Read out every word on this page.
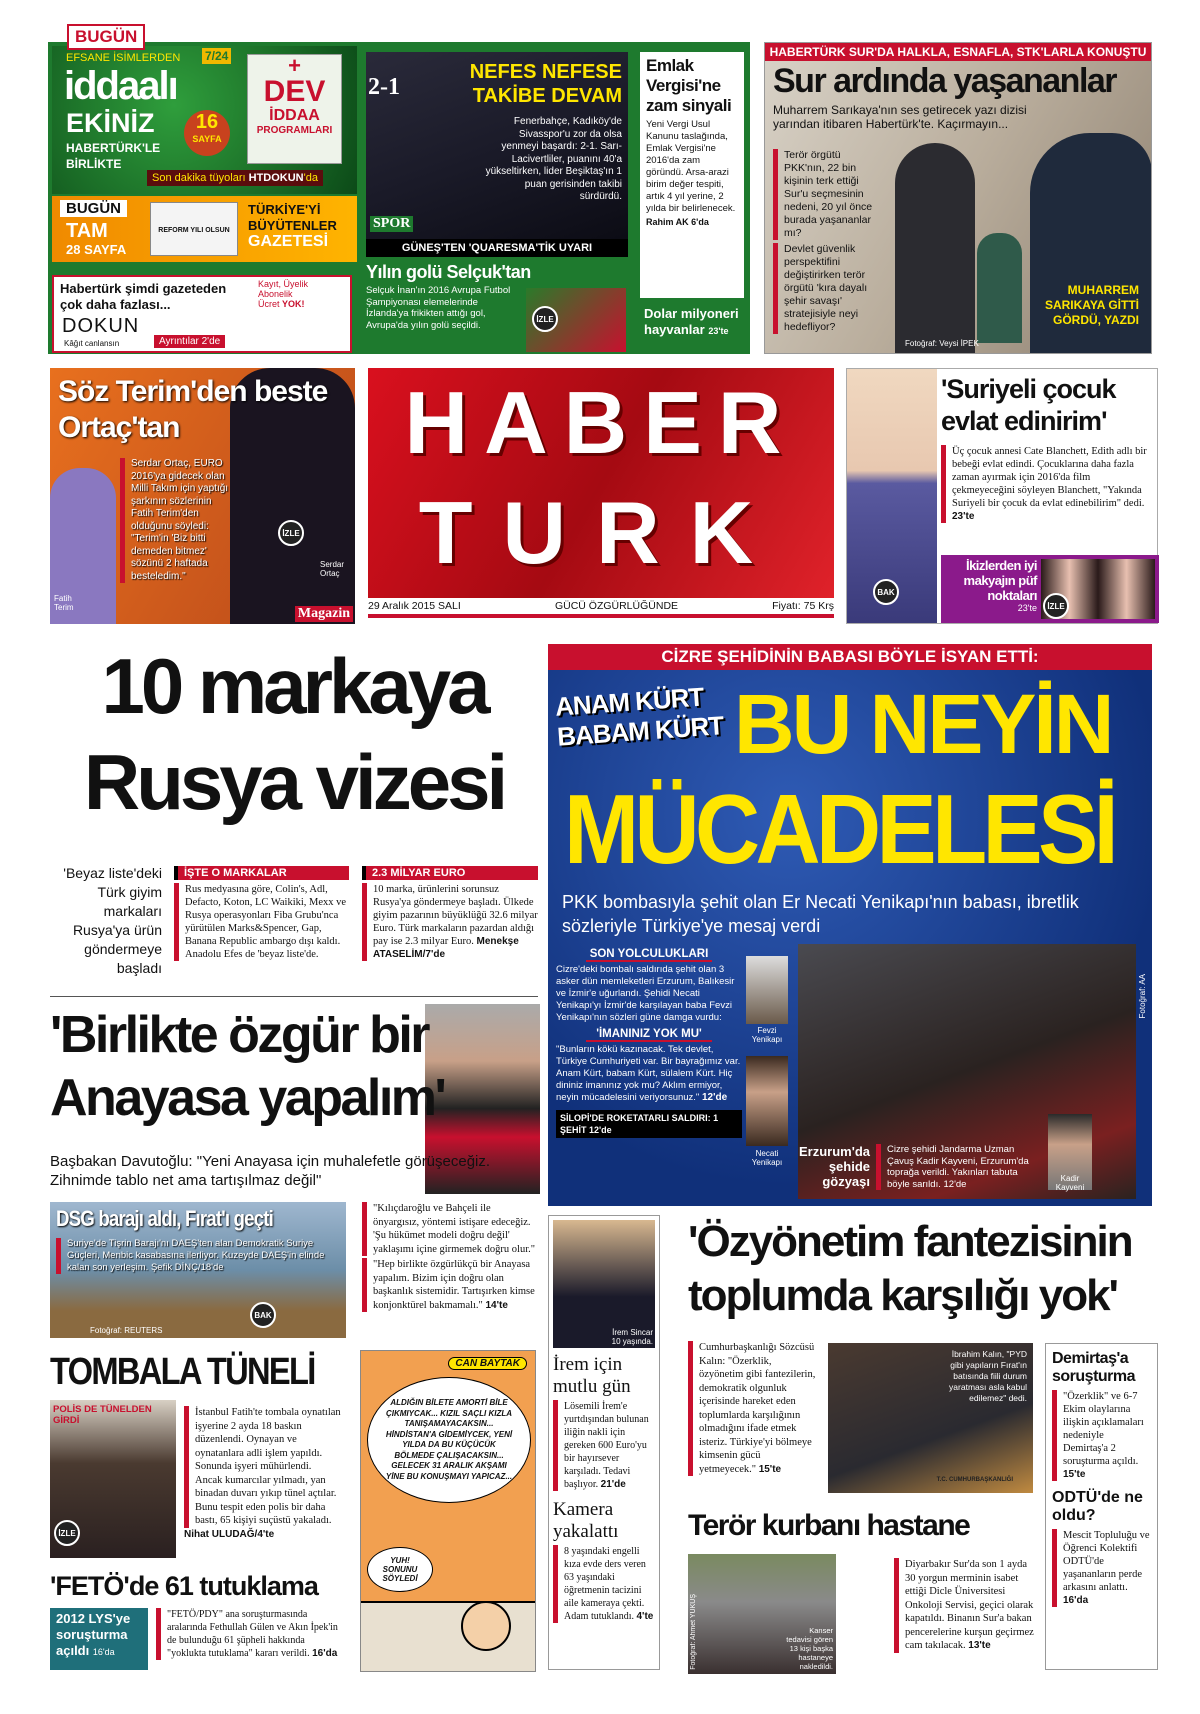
BUGÜN
EFSANE İSİMLERDEN
iddaalı
7/24
EKİNİZ	16
SAYFA
HABERTÜRK'LE BİRLİKTE
+
DEV
İDDAA
PROGRAMLARI
Son dakika tüyoları HTDOKUN'da
BUGÜN
TAM
28 SAYFA
REFORM YILI OLSUN
TÜRKİYE'Yİ
BÜYÜTENLER
GAZETESİ
Habertürk şimdi gazeteden
çok daha fazlası...
Kayıt, Üyelik
Abonelik
Ücret YOK!
DOKUN
Kâğıt canlansın	Ayrıntılar 2'de
2-1
NEFES NEFESE
TAKİBE DEVAM
Fenerbahçe, Kadıköy'de Sivasspor'u zor da olsa yenmeyi başardı: 2-1. Sarı- Lacivertliler, puanını 40'a yükseltirken, lider Beşiktaş'ın 1 puan gerisinden takibi sürdürdü.
SPOR
GÜNEŞ'TEN 'QUARESMA'TİK UYARI
Yılın golü Selçuk'tan
Selçuk İnan'ın 2016 Avrupa Futbol Şampiyonası elemelerinde İzlanda'ya frikikten attığı gol, Avrupa'da yılın golü seçildi.
İZLE
Emlak Vergisi'ne zam sinyali
Yeni Vergi Usul Kanunu taslağında, Emlak Vergisi'ne 2016'da zam göründü. Arsa-arazi birim değer tespiti, artık 4 yıl yerine, 2 yılda bir belirlenecek.
Rahim AK 6'da
Dolar milyoneri hayvanlar 23'te
HABERTÜRK SUR'DA HALKLA, ESNAFLA, STK'LARLA KONUŞTU
Sur ardında yaşananlar
Muharrem Sarıkaya'nın ses getirecek yazı dizisi yarından itibaren Habertürk'te. Kaçırmayın...
Terör örgütü PKK'nın, 22 bin kişinin terk ettiği Sur'u seçmesinin nedeni, 20 yıl önce burada yaşananlar mı?
Devlet güvenlik perspektifini değiştirirken terör örgütü 'kıra dayalı şehir savaşı' stratejisiyle neyi hedefliyor?
Fotoğraf: Veysi İPEK
MUHARREM SARIKAYA GİTTİ GÖRDÜ, YAZDI
Söz Terim'den beste Ortaç'tan
Serdar Ortaç, EURO 2016'ya gidecek olan Milli Takım için yaptığı şarkının sözlerinin Fatih Terim'den olduğunu söyledi: "Terim'in 'Biz bitti demeden bitmez' sözünü 2 haftada besteledim."
Fatih Terim
Serdar Ortaç
İZLE
Magazin
HABER
TURK
29 Aralık 2015 SALI	GÜCÜ ÖZGÜRLÜĞÜNDE	Fiyatı: 75 Krş
'Suriyeli çocuk evlat edinirim'
Üç çocuk annesi Cate Blanchett, Edith adlı bir bebeği evlat edindi. Çocuklarına daha fazla zaman ayırmak için 2016'da film çekmeyeceğini söyleyen Blanchett, "Yakında Suriyeli bir çocuk da evlat edinebilirim" dedi. 23'te
BAK
İkizlerden iyi makyajın püf noktaları
23'te	İZLE
10 markaya
Rusya vizesi
'Beyaz liste'deki Türk giyim markaları Rusya'ya ürün göndermeye başladı
İŞTE O MARKALAR
Rus medyasına göre, Colin's, Adl, Defacto, Koton, LC Waikiki, Mexx ve Rusya operasyonları Fiba Grubu'nca yürütülen Marks&Spencer, Gap, Banana Republic ambargo dışı kaldı. Anadolu Efes de 'beyaz liste'de.
2.3 MİLYAR EURO
10 marka, ürünlerini sorunsuz Rusya'ya göndermeye başladı. Ülkede giyim pazarının büyüklüğü 32.6 milyar Euro. Türk markaların pazardan aldığı pay ise 2.3 milyar Euro. Menekşe ATASELİM/7'de
CİZRE ŞEHİDİNİN BABASI BÖYLE İSYAN ETTİ:
ANAM KÜRT
BABAM KÜRT BU NEYİN
MÜCADELESİ
PKK bombasıyla şehit olan Er Necati Yenikapı'nın babası, ibretlik sözleriyle Türkiye'ye mesaj verdi
SON YOLCULUKLARI
Cizre'deki bombalı saldırıda şehit olan 3 asker dün memleketleri Erzurum, Balıkesir ve İzmir'e uğurlandı. Şehidi Necati Yenikapı'yı İzmir'de karşılayan baba Fevzi Yenikapı'nın sözleri güne damga vurdu:
'İMANINIZ YOK MU'
"Bunların kökü kazınacak. Tek devlet, Türkiye Cumhuriyeti var. Bir bayrağımız var. Anam Kürt, babam Kürt, sülalem Kürt. Hiç dininiz imanınız yok mu? Aklım ermiyor, neyin mücadelesini veriyorsunuz." 12'de
SİLOPİ'DE ROKETATARLI SALDIRI: 1 ŞEHİT 12'de
Fevzi Yenikapı
Necati Yenikapı
Erzurum'da şehide gözyaşı
Cizre şehidi Jandarma Uzman Çavuş Kadir Kayveni, Erzurum'da toprağa verildi. Yakınları tabuta böyle sarıldı. 12'de	Kadir Kayveni
Fotoğraf: AA
'Birlikte özgür bir Anayasa yapalım'
Başbakan Davutoğlu: "Yeni Anayasa için muhalefetle görüşeceğiz. Zihnimde tablo net ama tartışılmaz değil"
"Kılıçdaroğlu ve Bahçeli ile önyargısız, yöntemi istişare edeceğiz. 'Şu hükümet modeli doğru değil' yaklaşımı içine girmemek doğru olur."
"Hep birlikte özgürlükçü bir Anayasa yapalım. Bizim için doğru olan başkanlık sistemidir. Tartışırken kimse konjonktürel bakmamalı." 14'te
DSG barajı aldı, Fırat'ı geçti
Suriye'de Tişrin Barajı'nı DAEŞ'ten alan Demokratik Suriye Güçleri, Menbic kasabasına ilerliyor. Kuzeyde DAEŞ'in elinde kalan son yerleşim. Şefik DİNÇ/18'de
Fotoğraf: REUTERS
BAK
TOMBALA TÜNELİ
POLİS DE TÜNELDEN GİRDİ
İZLE
İstanbul Fatih'te tombala oynatılan işyerine 2 ayda 18 baskın düzenlendi. Oynayan ve oynatanlara adli işlem yapıldı. Sonunda işyeri mühürlendi.
Ancak kumarcılar yılmadı, yan binadan duvarı yıkıp tünel açtılar. Bunu tespit eden polis bir daha bastı, 65 kişiyi suçüstü yakaladı.
Nihat ULUDAĞ/4'te
'FETÖ'de 61 tutuklama
2012 LYS'ye soruşturma açıldı 16'da
"FETÖ/PDY" ana soruşturmasında aralarında Fethullah Gülen ve Akın İpek'in de bulunduğu 61 şüpheli hakkında "yoklukta tutuklama" kararı verildi. 16'da
CAN BAYTAK
ALDIĞIN BİLETE AMORTİ BİLE ÇIKMIYCAK... KIZIL SAÇLI KIZLA TANIŞAMAYACAKSIN... HİNDİSTAN'A GİDEMİYCEK, YENİ YILDA DA BU KÜÇÜCÜK BÖLMEDE ÇALIŞACAKSIN... GELECEK 31 ARALIK AKŞAMI YİNE BU KONUŞMAYI YAPICAZ...
YUH! SONUNU SÖYLEDİ
İrem Sincar 10 yaşında.
İrem için mutlu gün
Lösemili İrem'e yurtdışından bulunan iliğin nakli için gereken 600 Euro'yu bir hayırsever karşıladı. Tedavi başlıyor. 21'de
Kamera yakalattı
8 yaşındaki engelli kıza evde ders veren 63 yaşındaki öğretmenin tacizini aile kameraya çekti. Adam tutuklandı. 4'te
'Özyönetim fantezisinin toplumda karşılığı yok'
Cumhurbaşkanlığı Sözcüsü Kalın: "Özerklik, özyönetim gibi fantezilerin, demokratik olgunluk içerisinde hareket eden toplumlarda karşılığının olmadığını ifade etmek isteriz. Türkiye'yi bölmeye kimsenin gücü yetmeyecek." 15'te
İbrahim Kalın, "PYD gibi yapıların Fırat'ın batısında fiili durum yaratması asla kabul edilemez" dedi.
T.C. CUMHURBAŞKANLIĞI
Demirtaş'a soruşturma
"Özerklik" ve 6-7 Ekim olaylarına ilişkin açıklamaları nedeniyle Demirtaş'a 2 soruşturma açıldı. 15'te
ODTÜ'de ne oldu?
Mescit Topluluğu ve Öğrenci Kolektifi ODTÜ'de yaşananların perde arkasını anlattı. 16'da
Terör kurbanı hastane
Kanser tedavisi gören 13 kişi başka hastaneye nakledildi.
Fotoğraf: Ahmet YUKUŞ
Diyarbakır Sur'da son 1 ayda 30 yorgun merminin isabet ettiği Dicle Üniversitesi Onkoloji Servisi, geçici olarak kapatıldı. Binanın Sur'a bakan pencerelerine kurşun geçirmez cam takılacak. 13'te
